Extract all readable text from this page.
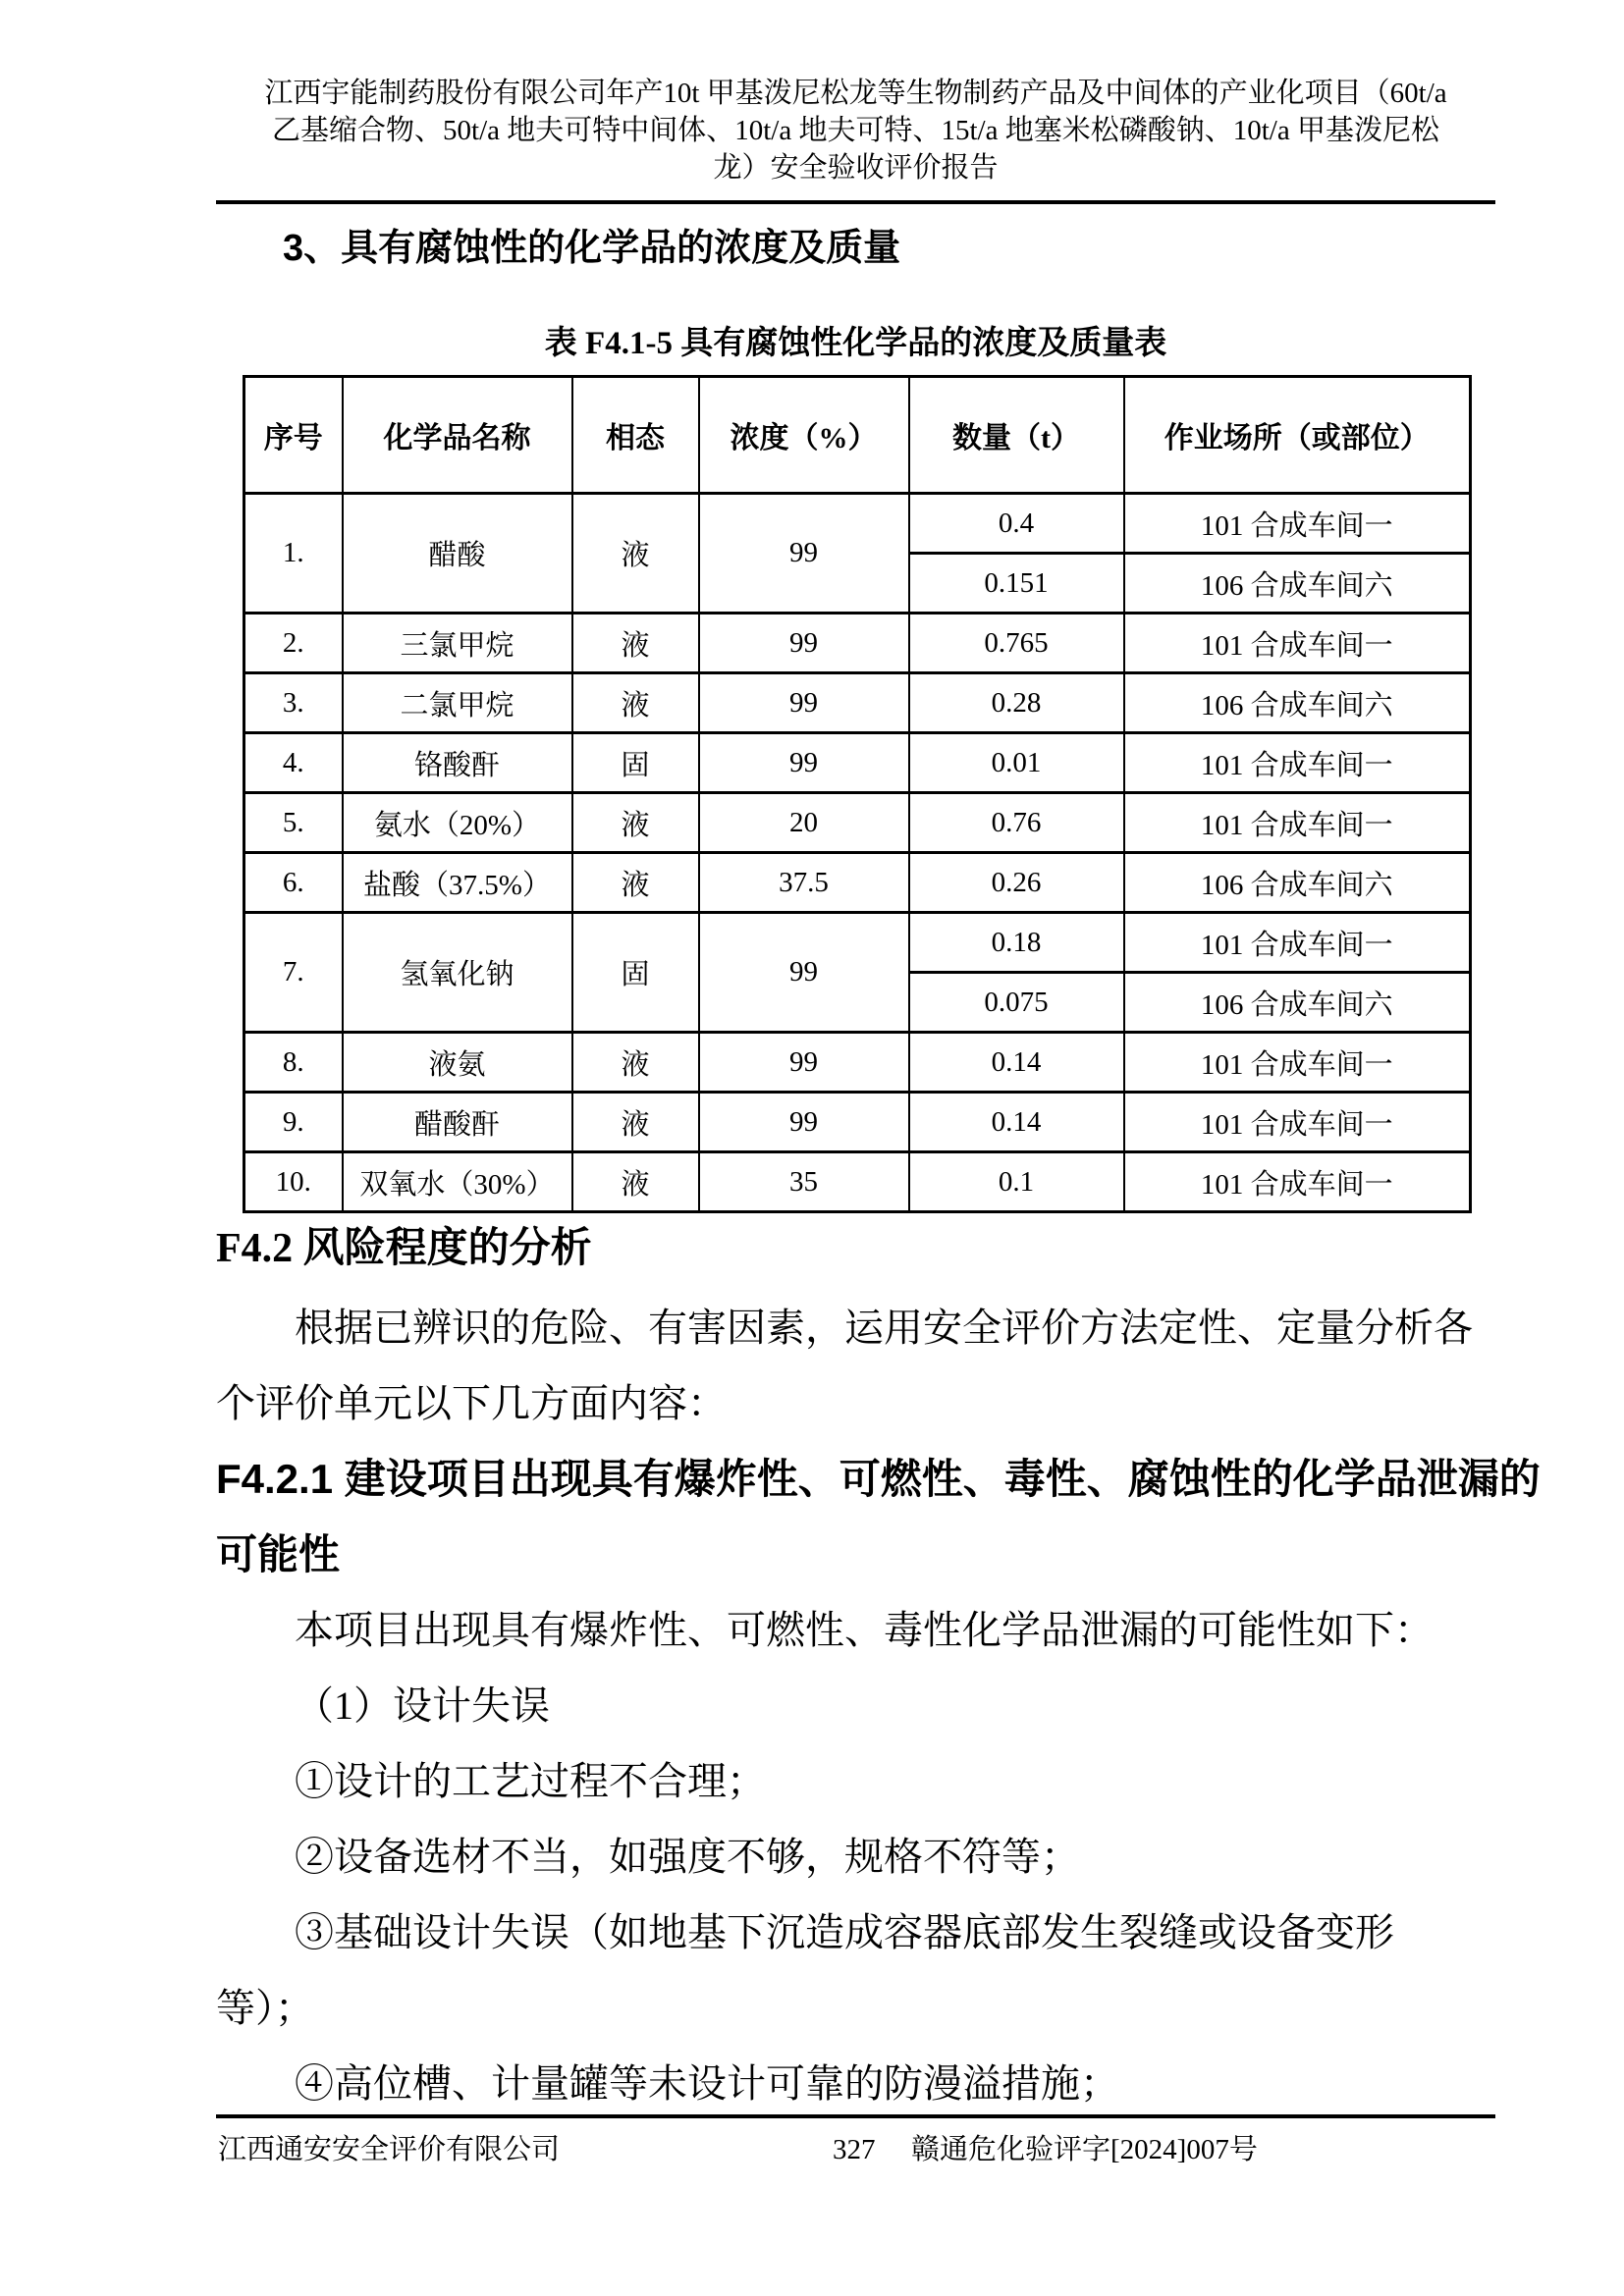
江西宇能制药股份有限公司年产10t 甲基泼尼松龙等生物制药产品及中间体的产业化项目（60t/a
乙基缩合物、50t/a 地夫可特中间体、10t/a 地夫可特、15t/a 地塞米松磷酸钠、10t/a 甲基泼尼松
龙）安全验收评价报告
3、具有腐蚀性的化学品的浓度及质量
表 F4.1-5 具有腐蚀性化学品的浓度及质量表
序号	化学品名称	相态	浓度（%）	数量（t）	作业场所（或部位）
1.	醋酸	液	99	0.4	101 合成车间一
				0.151	106 合成车间六
2.	三氯甲烷	液	99	0.765	101 合成车间一
3.	二氯甲烷	液	99	0.28	106 合成车间六
4.	铬酸酐	固	99	0.01	101 合成车间一
5.	氨水（20%）	液	20	0.76	101 合成车间一
6.	盐酸（37.5%）	液	37.5	0.26	106 合成车间六
7.	氢氧化钠	固	99	0.18	101 合成车间一
				0.075	106 合成车间六
8.	液氨	液	99	0.14	101 合成车间一
9.	醋酸酐	液	99	0.14	101 合成车间一
10.	双氧水（30%）	液	35	0.1	101 合成车间一
F4.2 风险程度的分析
根据已辨识的危险、有害因素，运用安全评价方法定性、定量分析各
个评价单元以下几方面内容：
F4.2.1 建设项目出现具有爆炸性、可燃性、毒性、腐蚀性的化学品泄漏的
可能性
本项目出现具有爆炸性、可燃性、毒性化学品泄漏的可能性如下：
（1）设计失误
①设计的工艺过程不合理；
②设备选材不当，如强度不够，规格不符等；
③基础设计失误（如地基下沉造成容器底部发生裂缝或设备变形
等）；
④高位槽、计量罐等未设计可靠的防漫溢措施；
江西通安安全评价有限公司	327 赣通危化验评字[2024]007号
